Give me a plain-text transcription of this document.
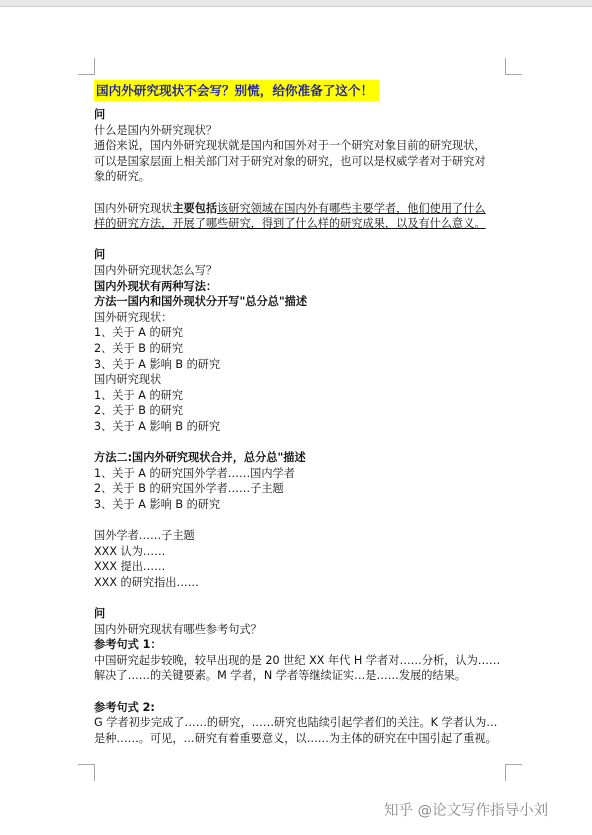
国内外研究现状不会写？别慌，给你准备了这个！

问

什么是国内外研究现状？

通俗来说，国内外研究现状就是国内和国外对于一个研究对象目前的研究现状，

可以是国家层面上相关部门对于研究对象的研究，也可以是权威学者对于研究对

象的研究。

国内外研究现状主要包括该研究领域在国内外有哪些主要学者，他们使用了什么

样的研究方法，开展了哪些研究，得到了什么样的研究成果，以及有什么意义。

问

国内外研究现状怎么写？

国内外现状有两种写法：

方法一国内和国外现状分开写"总分总"描述

国外研究现状：

1、关于 A 的研究

2、关于 B 的研究

3、关于 A 影响 B 的研究

国内研究现状

1、关于 A 的研究

2、关于 B 的研究

3、关于 A 影响 B 的研究

方法二:国内外研究现状合并，总分总"描述

1、关于 A 的研究国外学者……国内学者

2、关于 B 的研究国外学者……子主题

3、关于 A 影响 B 的研究

国外学者……子主题

XXX 认为……

XXX 提出……

XXX 的研究指出……

问

国内外研究现状有哪些参考句式？

参考句式 1：

中国研究起步较晚，较早出现的是 20 世纪 XX 年代 H 学者对……分析，认为……

解决了……的关键要素。M 学者，N 学者等继续证实…是……发展的结果。

参考句式 2:

G 学者初步完成了……的研究，……研究也陆续引起学者们的关注。K 学者认为…

是种……。可见，…研究有着重要意义，以……为主体的研究在中国引起了重视。

知乎 @论文写作指导小刘
